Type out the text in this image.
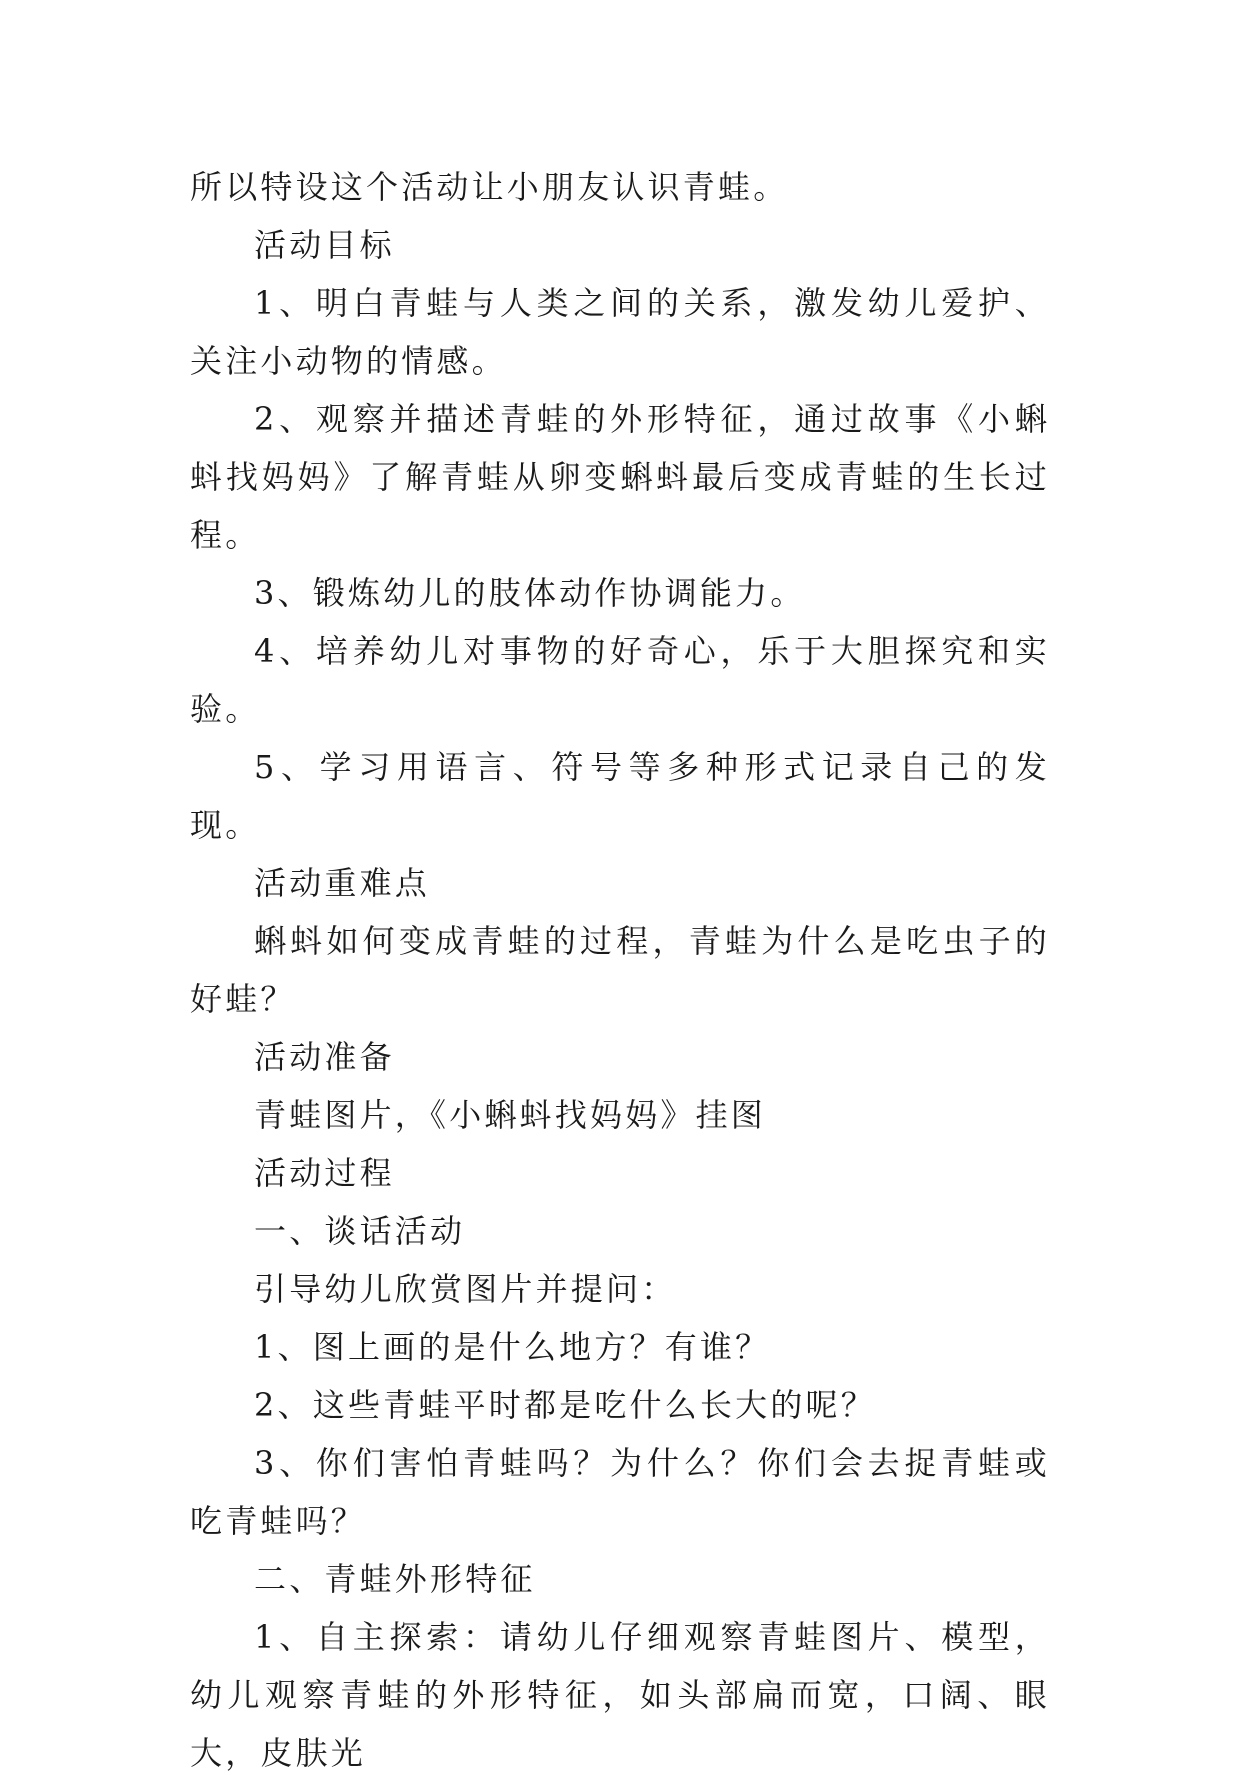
所以特设这个活动让小朋友认识青蛙。

活动目标

1、明白青蛙与人类之间的关系，激发幼儿爱护、关注小动物的情感。

2、观察并描述青蛙的外形特征，通过故事《小蝌蚪找妈妈》了解青蛙从卵变蝌蚪最后变成青蛙的生长过程。

3、锻炼幼儿的肢体动作协调能力。

4、培养幼儿对事物的好奇心，乐于大胆探究和实验。

5、学习用语言、符号等多种形式记录自己的发现。

活动重难点

蝌蚪如何变成青蛙的过程，青蛙为什么是吃虫子的好蛙？

活动准备

青蛙图片，《小蝌蚪找妈妈》挂图

活动过程

一、谈话活动

引导幼儿欣赏图片并提问：

1、图上画的是什么地方？有谁？

2、这些青蛙平时都是吃什么长大的呢？

3、你们害怕青蛙吗？为什么？你们会去捉青蛙或吃青蛙吗？

二、青蛙外形特征

1、自主探索：请幼儿仔细观察青蛙图片、模型，幼儿观察青蛙的外形特征，如头部扁而宽，口阔、眼大，皮肤光
